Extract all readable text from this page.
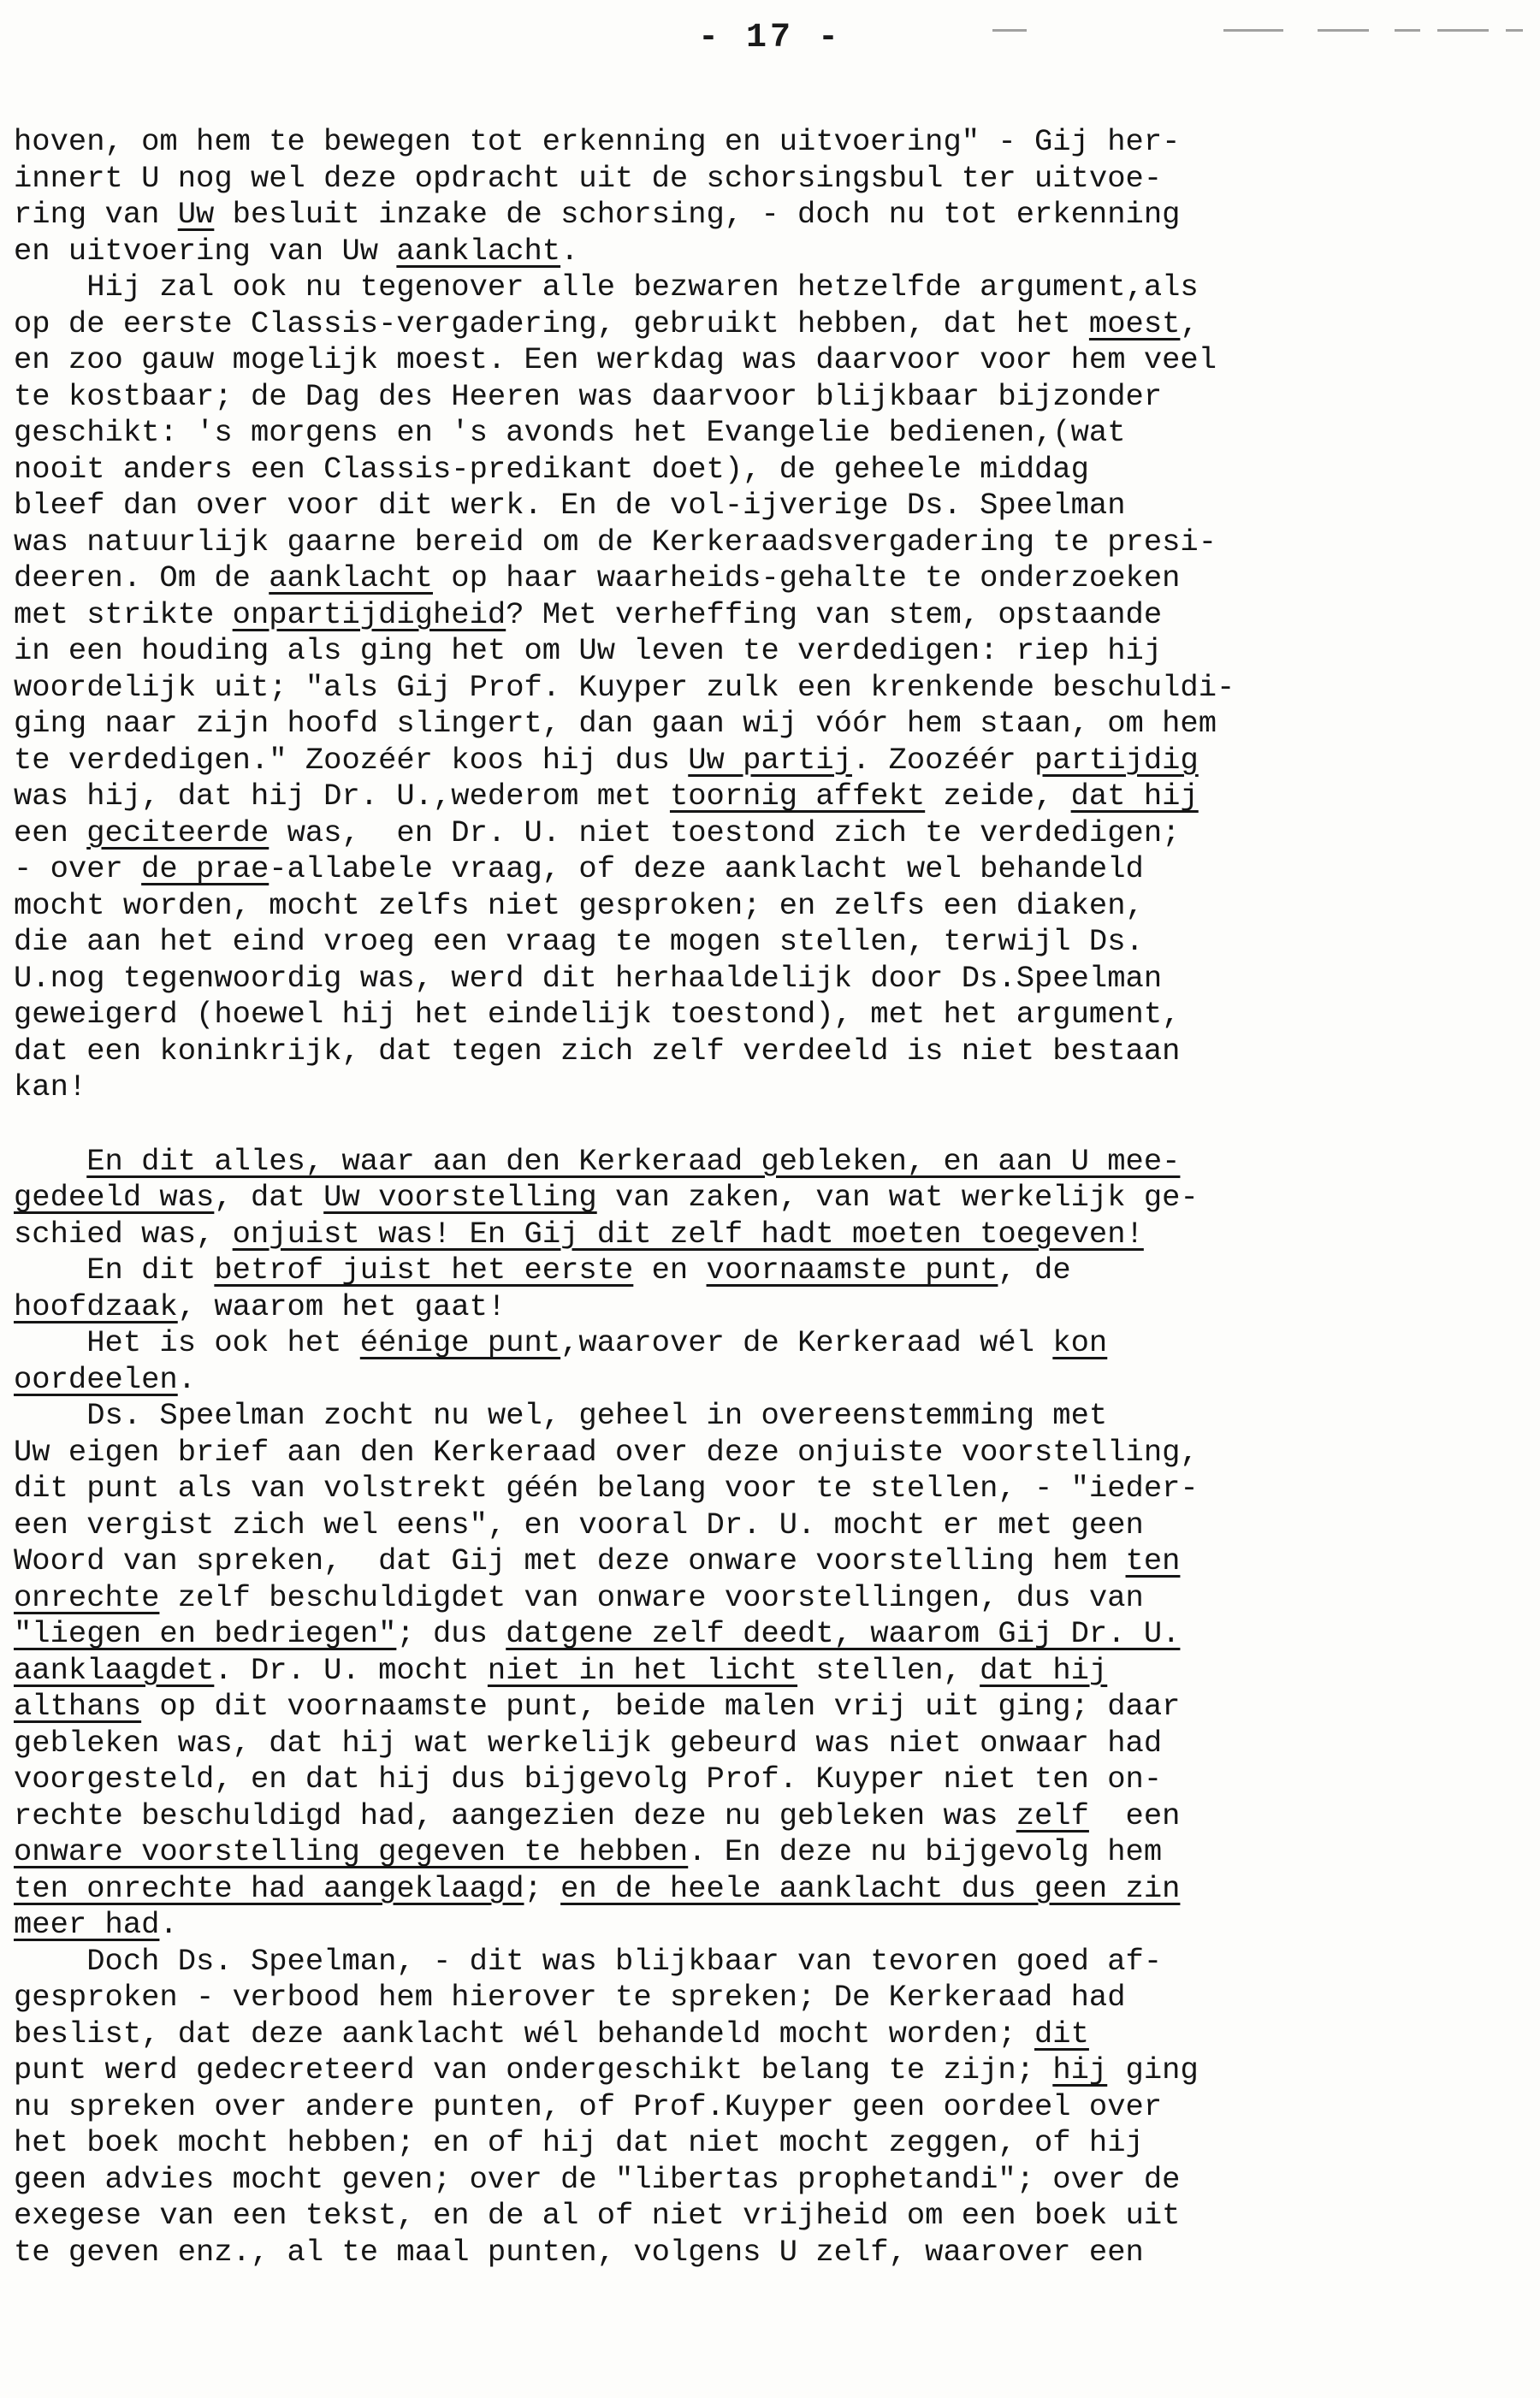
- 17 -
hoven, om hem te bewegen tot erkenning en uitvoering" - Gij her-
innert U nog wel deze opdracht uit de schorsingsbul ter uitvoe-
ring van Uw besluit inzake de schorsing, - doch nu tot erkenning
en uitvoering van Uw aanklacht.
Hij zal ook nu tegenover alle bezwaren hetzelfde argument,als
op de eerste Classis-vergadering, gebruikt hebben, dat het moest,
en zoo gauw mogelijk moest. Een werkdag was daarvoor voor hem veel
te kostbaar; de Dag des Heeren was daarvoor blijkbaar bijzonder
geschikt: 's morgens en 's avonds het Evangelie bedienen,(wat
nooit anders een Classis-predikant doet), de geheele middag
bleef dan over voor dit werk. En de vol-ijverige Ds. Speelman
was natuurlijk gaarne bereid om de Kerkeraadsvergadering te presi-
deeren. Om de aanklacht op haar waarheids-gehalte te onderzoeken
met strikte onpartijdigheid? Met verheffing van stem, opstaande
in een houding als ging het om Uw leven te verdedigen: riep hij
woordelijk uit; "als Gij Prof. Kuyper zulk een krenkende beschuldi-
ging naar zijn hoofd slingert, dan gaan wij vóór hem staan, om hem
te verdedigen." Zoozéér koos hij dus Uw partij. Zoozéér partijdig
was hij, dat hij Dr. U.,wederom met toornig affekt zeide, dat hij
een geciteerde was,  en Dr. U. niet toestond zich te verdedigen;
- over de prae-allabele vraag, of deze aanklacht wel behandeld
mocht worden, mocht zelfs niet gesproken; en zelfs een diaken,
die aan het eind vroeg een vraag te mogen stellen, terwijl Ds.
U.nog tegenwoordig was, werd dit herhaaldelijk door Ds.Speelman
geweigerd (hoewel hij het eindelijk toestond), met het argument,
dat een koninkrijk, dat tegen zich zelf verdeeld is niet bestaan
kan!
En dit alles, waar aan den Kerkeraad gebleken, en aan U mee-
gedeeld was, dat Uw voorstelling van zaken, van wat werkelijk ge-
schied was, onjuist was! En Gij dit zelf hadt moeten toegeven!
En dit betrof juist het eerste en voornaamste punt, de
hoofdzaak, waarom het gaat!
Het is ook het éénige punt,waarover de Kerkeraad wél kon
oordeelen.
Ds. Speelman zocht nu wel, geheel in overeenstemming met
Uw eigen brief aan den Kerkeraad over deze onjuiste voorstelling,
dit punt als van volstrekt géén belang voor te stellen, - "ieder-
een vergist zich wel eens", en vooral Dr. U. mocht er met geen
Woord van spreken,  dat Gij met deze onware voorstelling hem ten
onrechte zelf beschuldigdet van onware voorstellingen, dus van
"liegen en bedriegen"; dus datgene zelf deedt, waarom Gij Dr. U.
aanklaagdet. Dr. U. mocht niet in het licht stellen, dat hij
althans op dit voornaamste punt, beide malen vrij uit ging; daar
gebleken was, dat hij wat werkelijk gebeurd was niet onwaar had
voorgesteld, en dat hij dus bijgevolg Prof. Kuyper niet ten on-
rechte beschuldigd had, aangezien deze nu gebleken was zelf  een
onware voorstelling gegeven te hebben. En deze nu bijgevolg hem
ten onrechte had aangeklaagd; en de heele aanklacht dus geen zin
meer had.
Doch Ds. Speelman, - dit was blijkbaar van tevoren goed af-
gesproken - verbood hem hierover te spreken; De Kerkeraad had
beslist, dat deze aanklacht wél behandeld mocht worden; dit
punt werd gedecreteerd van ondergeschikt belang te zijn; hij ging
nu spreken over andere punten, of Prof.Kuyper geen oordeel over
het boek mocht hebben; en of hij dat niet mocht zeggen, of hij
geen advies mocht geven; over de "libertas prophetandi"; over de
exegese van een tekst, en de al of niet vrijheid om een boek uit
te geven enz., al te maal punten, volgens U zelf, waarover een
